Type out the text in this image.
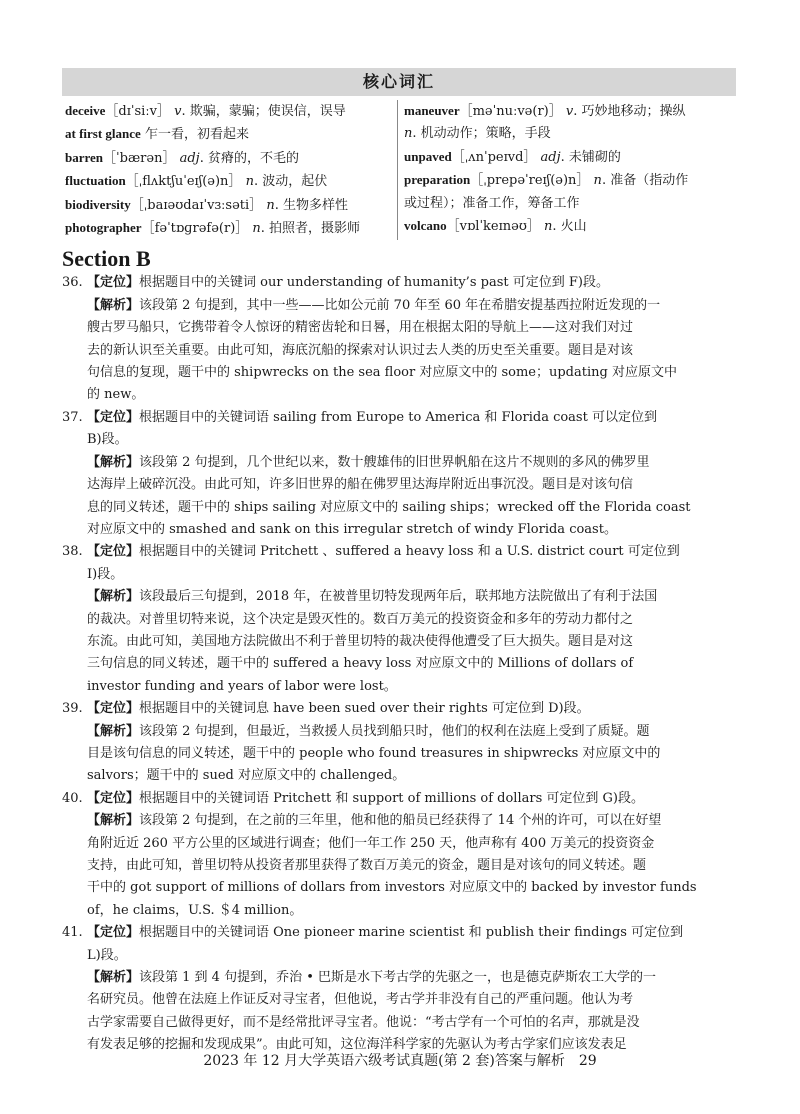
核心词汇
deceive［dɪˈsiːv］ v. 欺骗，蒙骗；使误信，误导
at first glance 乍一看，初看起来
barren［ˈbærən］ adj. 贫瘠的，不毛的
fluctuation［ˌflʌktʃuˈeɪʃ(ə)n］ n. 波动，起伏
biodiversity［ˌbaɪəʊdaɪˈvɜːsəti］ n. 生物多样性
photographer［fəˈtɒɡrəfə(r)］ n. 拍照者，摄影师
maneuver［məˈnuːvə(r)］ v. 巧妙地移动；操纵
n. 机动动作；策略，手段
unpaved［ˌʌnˈpeɪvd］ adj. 未铺砌的
preparation［ˌprepəˈreɪʃ(ə)n］ n. 准备（指动作
或过程）；准备工作，筹备工作
volcano［vɒlˈkeɪnəʊ］ n. 火山
Section B
36. 【定位】根据题目中的关键词 our understanding of humanity’s past 可定位到 F)段。
【解析】该段第 2 句提到，其中一些——比如公元前 70 年至 60 年在希腊安提基西拉附近发现的一
艘古罗马船只，它携带着令人惊讶的精密齿轮和日晷，用在根据太阳的导航上——这对我们对过
去的新认识至关重要。由此可知，海底沉船的探索对认识过去人类的历史至关重要。题目是对该
句信息的复现，题干中的 shipwrecks on the sea floor 对应原文中的 some；updating 对应原文中
的 new。
37. 【定位】根据题目中的关键词语 sailing from Europe to America 和 Florida coast 可以定位到
B)段。
【解析】该段第 2 句提到，几个世纪以来，数十艘雄伟的旧世界帆船在这片不规则的多风的佛罗里
达海岸上破碎沉没。由此可知，许多旧世界的船在佛罗里达海岸附近出事沉没。题目是对该句信
息的同义转述，题干中的 ships sailing 对应原文中的 sailing ships；wrecked off the Florida coast
对应原文中的 smashed and sank on this irregular stretch of windy Florida coast。
38. 【定位】根据题目中的关键词 Pritchett 、suffered a heavy loss 和 a U.S. district court 可定位到
I)段。
【解析】该段最后三句提到，2018 年，在被普里切特发现两年后，联邦地方法院做出了有利于法国
的裁决。对普里切特来说，这个决定是毁灭性的。数百万美元的投资资金和多年的劳动力都付之
东流。由此可知，美国地方法院做出不利于普里切特的裁决使得他遭受了巨大损失。题目是对这
三句信息的同义转述，题干中的 suffered a heavy loss 对应原文中的 Millions of dollars of
investor funding and years of labor were lost。
39. 【定位】根据题目中的关键词息 have been sued over their rights 可定位到 D)段。
【解析】该段第 2 句提到，但最近，当救援人员找到船只时，他们的权利在法庭上受到了质疑。题
目是该句信息的同义转述，题干中的 people who found treasures in shipwrecks 对应原文中的
salvors；题干中的 sued 对应原文中的 challenged。
40. 【定位】根据题目中的关键词语 Pritchett 和 support of millions of dollars 可定位到 G)段。
【解析】该段第 2 句提到，在之前的三年里，他和他的船员已经获得了 14 个州的许可，可以在好望
角附近近 260 平方公里的区域进行调查；他们一年工作 250 天，他声称有 400 万美元的投资资金
支持，由此可知，普里切特从投资者那里获得了数百万美元的资金，题目是对该句的同义转述。题
干中的 got support of millions of dollars from investors 对应原文中的 backed by investor funds
of，he claims，U.S. ＄4 million。
41. 【定位】根据题目中的关键词语 One pioneer marine scientist 和 publish their findings 可定位到
L)段。
【解析】该段第 1 到 4 句提到，乔治 • 巴斯是水下考古学的先驱之一，也是德克萨斯农工大学的一
名研究员。他曾在法庭上作证反对寻宝者，但他说，考古学并非没有自己的严重问题。他认为考
古学家需要自己做得更好，而不是经常批评寻宝者。他说：“考古学有一个可怕的名声，那就是没
有发表足够的挖掘和发现成果”。由此可知，这位海洋科学家的先驱认为考古学家们应该发表足
2023 年 12 月大学英语六级考试真题(第 2 套)答案与解析　29
